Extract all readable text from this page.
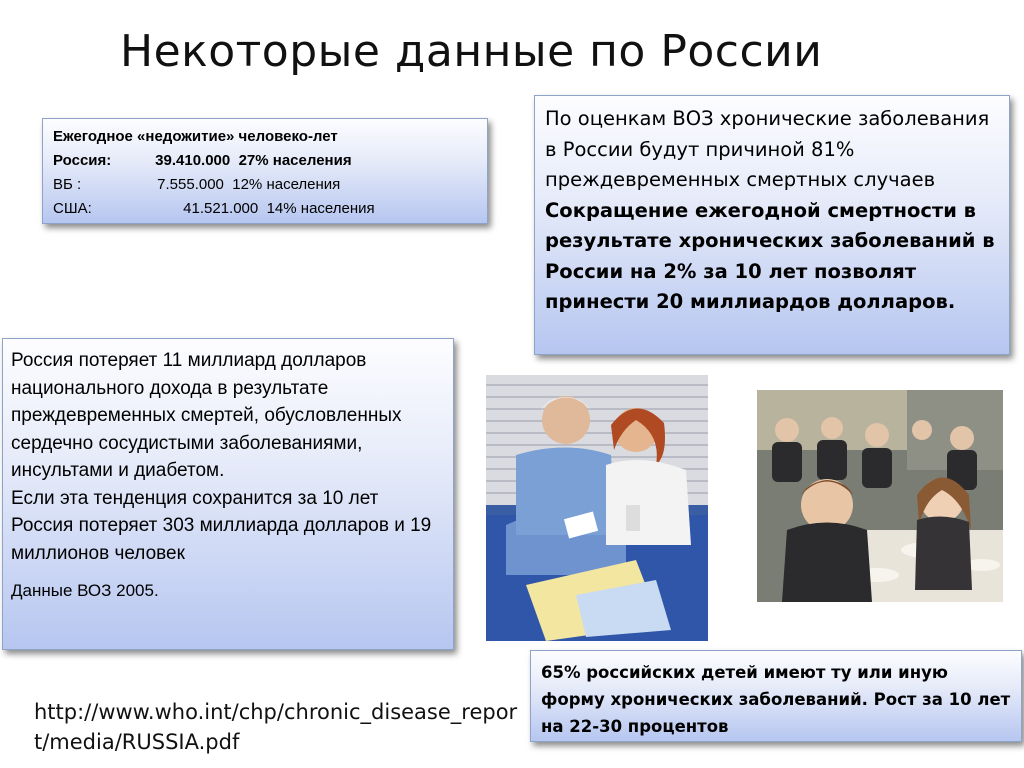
Некоторые данные по России
Ежегодное «недожитие» человеко-лет
Россия:	39.410.000 27% населения
ВБ :	7.555.000 12% населения
США:	41.521.000 14% населения
По оценкам ВОЗ хронические заболевания в России будут причиной 81% преждевременных смертных случаев
Сокращение ежегодной смертности в результате хронических заболеваний в России на 2% за 10 лет позволят принести 20 миллиардов долларов.
Россия потеряет 11 миллиард долларов национального дохода в результате преждевременных смертей, обусловленных сердечно сосудистыми заболеваниями, инсультами и диабетом.
Если эта тенденция сохранится за 10 лет Россия потеряет 303 миллиарда долларов и 19 миллионов человек
Данные ВОЗ 2005.
65% российских детей имеют ту или иную форму хронических заболеваний. Рост за 10 лет на 22-30 процентов
http://www.who.int/chp/chronic_disease_report/media/RUSSIA.pdf
